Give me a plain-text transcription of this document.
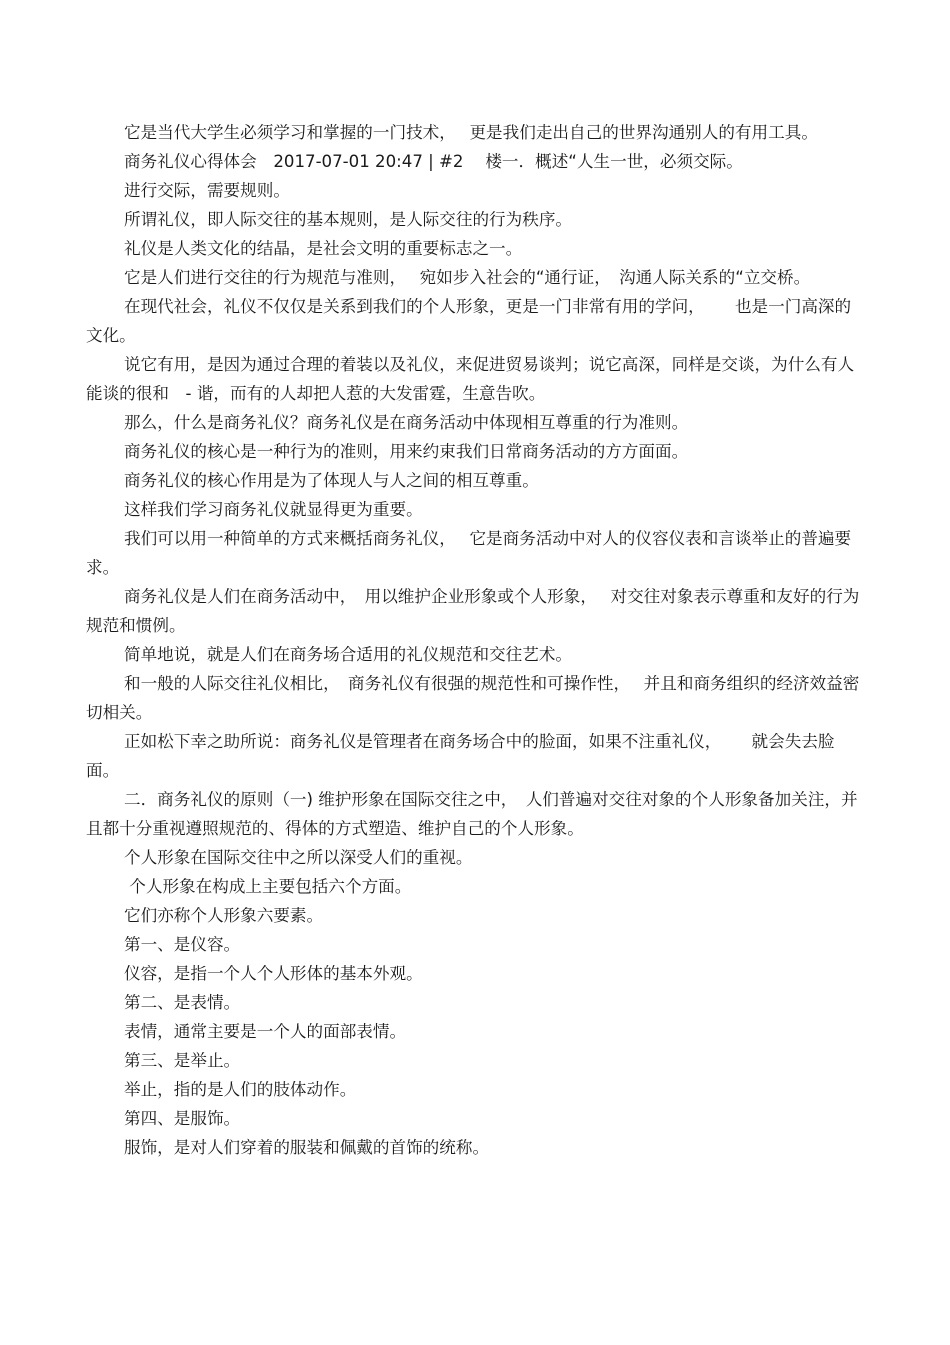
它是当代大学生必须学习和掌握的一门技术，　 更是我们走出自己的世界沟通别人的有用工具。

商务礼仪心得体会　2017-07-01 20:47 | #2　 楼一．概述“人生一世，必须交际。

进行交际，需要规则。

所谓礼仪，即人际交往的基本规则，是人际交往的行为秩序。

礼仪是人类文化的结晶，是社会文明的重要标志之一。

它是人们进行交往的行为规范与准则，　 宛如步入社会的“通行证，　沟通人际关系的“立交桥。

在现代社会，礼仪不仅仅是关系到我们的个人形象，更是一门非常有用的学问，　　 也是一门高深的文化。

说它有用，是因为通过合理的着装以及礼仪，来促进贸易谈判；说它高深，同样是交谈，为什么有人能谈的很和　- 谐，而有的人却把人惹的大发雷霆，生意告吹。

那么，什么是商务礼仪？商务礼仪是在商务活动中体现相互尊重的行为准则。

商务礼仪的核心是一种行为的准则，用来约束我们日常商务活动的方方面面。

商务礼仪的核心作用是为了体现人与人之间的相互尊重。

这样我们学习商务礼仪就显得更为重要。

我们可以用一种简单的方式来概括商务礼仪，　 它是商务活动中对人的仪容仪表和言谈举止的普遍要求。

商务礼仪是人们在商务活动中，　用以维护企业形象或个人形象，　 对交往对象表示尊重和友好的行为规范和惯例。

简单地说，就是人们在商务场合适用的礼仪规范和交往艺术。

和一般的人际交往礼仪相比，　商务礼仪有很强的规范性和可操作性，　 并且和商务组织的经济效益密切相关。

正如松下幸之助所说：商务礼仪是管理者在商务场合中的脸面，如果不注重礼仪，　　 就会失去脸面。

二．商务礼仪的原则（一) 维护形象在国际交往之中，　人们普遍对交往对象的个人形象备加关注，并且都十分重视遵照规范的、得体的方式塑造、维护自己的个人形象。

个人形象在国际交往中之所以深受人们的重视。

个人形象在构成上主要包括六个方面。

它们亦称个人形象六要素。

第一、是仪容。

仪容，是指一个人个人形体的基本外观。

第二、是表情。

表情，通常主要是一个人的面部表情。

第三、是举止。

举止，指的是人们的肢体动作。

第四、是服饰。

服饰，是对人们穿着的服装和佩戴的首饰的统称。
